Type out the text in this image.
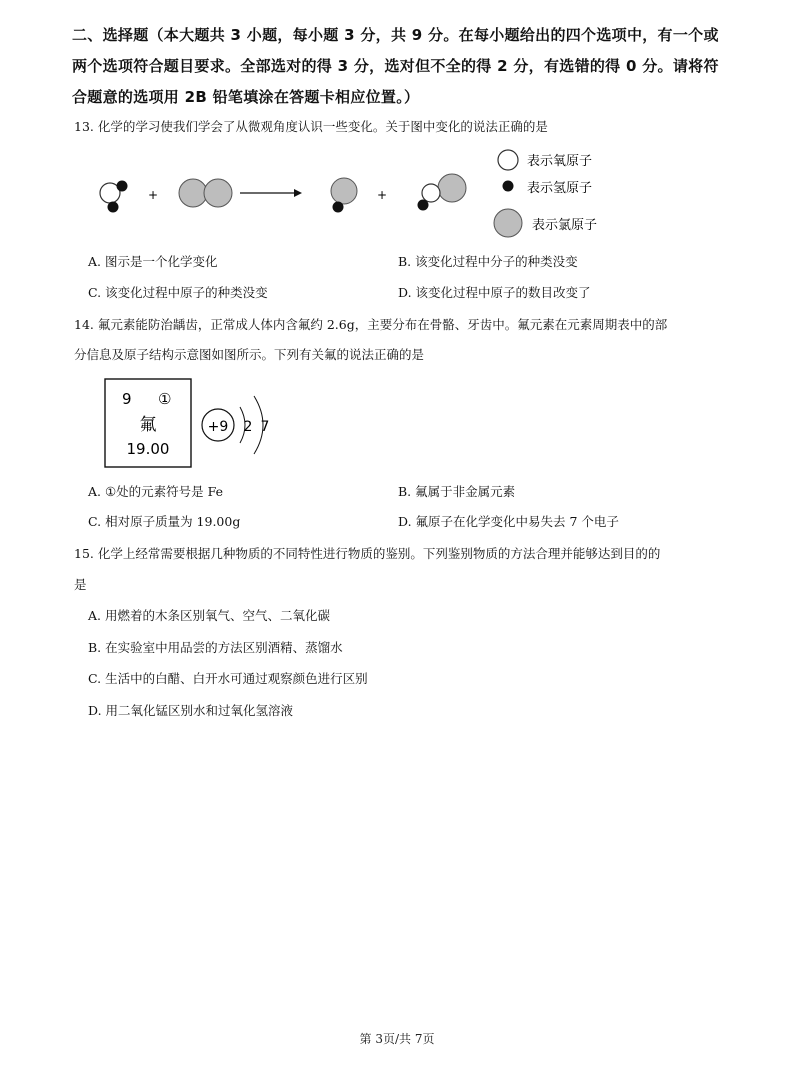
二、选择题（本大题共 3 小题，每小题 3 分，共 9 分。在每小题给出的四个选项中，有一个或两个选项符合题目要求。全部选对的得 3 分，选对但不全的得 2 分，有选错的得 0 分。请将符合题意的选项用 2B 铅笔填涂在答题卡相应位置。）
13. 化学的学习使我们学会了从微观角度认识一些变化。关于图中变化的说法正确的是
+	+
表示氧原子
表示氢原子
表示氯原子
A. 图示是一个化学变化	B. 该变化过程中分子的种类没变
C. 该变化过程中原子的种类没变	D. 该变化过程中原子的数目改变了
14. 氟元素能防治龋齿，正常成人体内含氟约 2.6g，主要分布在骨骼、牙齿中。氟元素在元素周期表中的部
分信息及原子结构示意图如图所示。下列有关氟的说法正确的是
9 ①
氟
19.00
+9 2 7
A. ①处的元素符号是 Fe	B. 氟属于非金属元素
C. 相对原子质量为 19.00g	D. 氟原子在化学变化中易失去 7 个电子
15. 化学上经常需要根据几种物质的不同特性进行物质的鉴别。下列鉴别物质的方法合理并能够达到目的的
是
A. 用燃着的木条区别氧气、空气、二氧化碳
B. 在实验室中用品尝的方法区别酒精、蒸馏水
C. 生活中的白醋、白开水可通过观察颜色进行区别
D. 用二氧化锰区别水和过氧化氢溶液
第 3页/共 7页
